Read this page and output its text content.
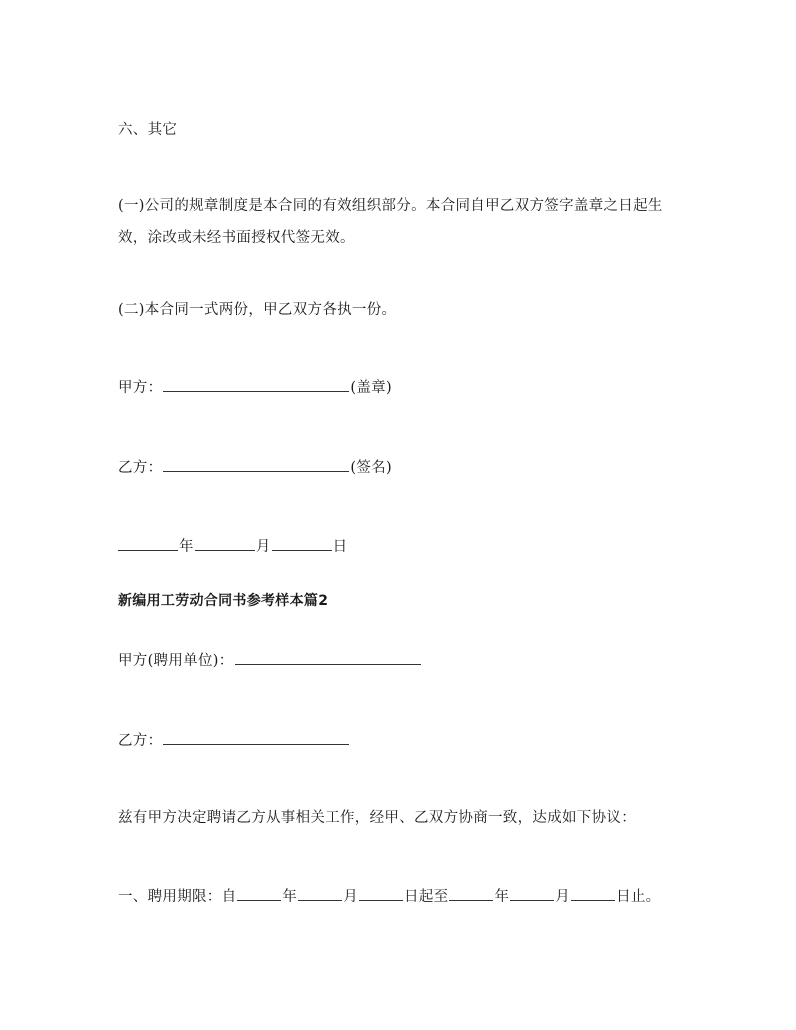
六、其它
(一)公司的规章制度是本合同的有效组织部分。本合同自甲乙双方签字盖章之日起生效，涂改或未经书面授权代签无效。
(二)本合同一式两份，甲乙双方各执一份。
甲方：	(盖章)
乙方：	(签名)
年	月	日
新编用工劳动合同书参考样本篇2
甲方(聘用单位)：
乙方：
兹有甲方决定聘请乙方从事相关工作，经甲、乙双方协商一致，达成如下协议：
一、聘用期限：自	年	月	日起至	年	月	日止。
